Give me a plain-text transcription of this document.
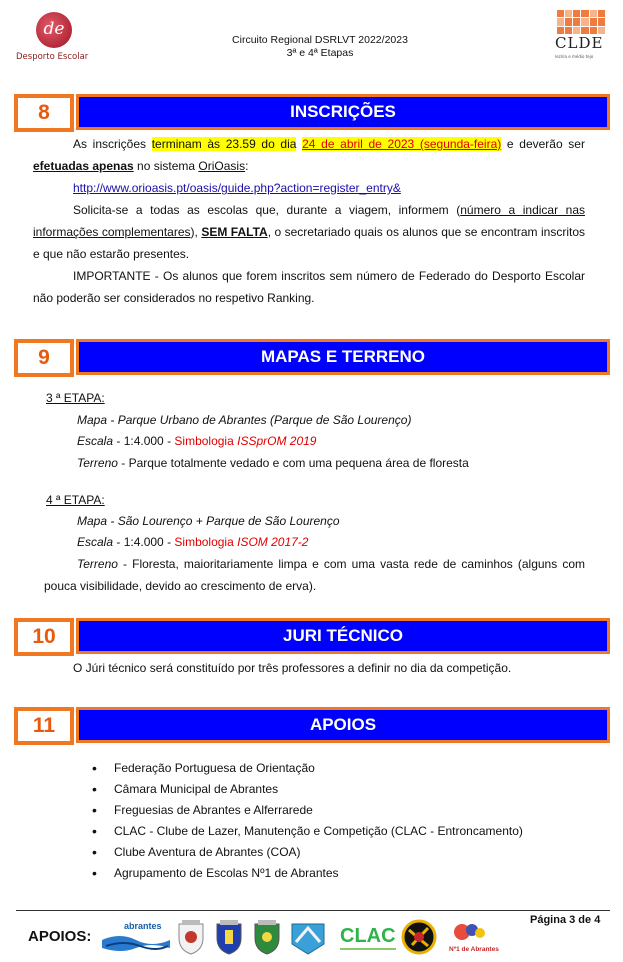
de
Desporto Escolar
Circuito Regional DSRLVT 2022/2023
3ª e 4ª Etapas
CLDE
lezíria e médio tejo
8	INSCRIÇÕES

As inscrições terminam às 23.59 do dia 24 de abril de 2023 (segunda-feira) e deverão ser efetuadas apenas no sistema OriOasis:

http://www.orioasis.pt/oasis/guide.php?action=register_entry&

Solicita-se a todas as escolas que, durante a viagem, informem (número a indicar nas informações complementares), SEM FALTA, o secretariado quais os alunos que se encontram inscritos e que não estarão presentes.

IMPORTANTE - Os alunos que forem inscritos sem número de Federado do Desporto Escolar não poderão ser considerados no respetivo Ranking.

9	MAPAS E TERRENO
3 ª ETAPA:
Mapa - Parque Urbano de Abrantes (Parque de São Lourenço)
Escala - 1:4.000 - Simbologia ISSprOM 2019
Terreno - Parque totalmente vedado e com uma pequena área de floresta
4 ª ETAPA:
Mapa - São Lourenço + Parque de São Lourenço
Escala - 1:4.000 - Simbologia ISOM 2017-2

Terreno - Floresta, maioritariamente limpa e com uma vasta rede de caminhos (alguns com pouca visibilidade, devido ao crescimento de erva).

10	JURI TÉCNICO

O Júri técnico será constituído por três professores a definir no dia da competição.

11	APOIOS
• Federação Portuguesa de Orientação
• Câmara Municipal de Abrantes
• Freguesias de Abrantes e Alferrarede
• CLAC - Clube de Lazer, Manutenção e Competição (CLAC - Entroncamento)
• Clube Aventura de Abrantes (COA)
• Agrupamento de Escolas Nº1 de Abrantes
Página 3 de 4
APOIOS:
abrantes	CLAC
Nº1 de Abrantes
